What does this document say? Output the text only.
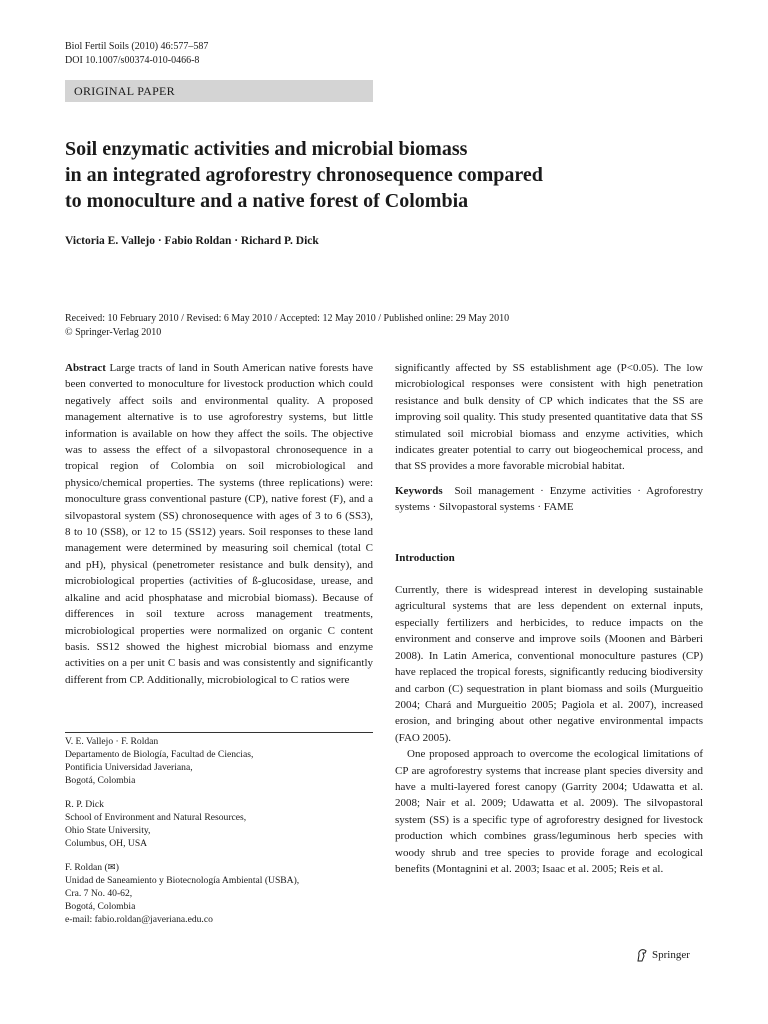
Biol Fertil Soils (2010) 46:577–587
DOI 10.1007/s00374-010-0466-8
ORIGINAL PAPER
Soil enzymatic activities and microbial biomass
in an integrated agroforestry chronosequence compared
to monoculture and a native forest of Colombia
Victoria E. Vallejo · Fabio Roldan · Richard P. Dick
Received: 10 February 2010 / Revised: 6 May 2010 / Accepted: 12 May 2010 / Published online: 29 May 2010
© Springer-Verlag 2010

Abstract Large tracts of land in South American native forests have been converted to monoculture for livestock production which could negatively affect soils and environmental quality. A proposed management alternative is to use agroforestry systems, but little information is available on how they affect the soils. The objective was to assess the effect of a silvopastoral chronosequence in a tropical region of Colombia on soil microbiological and physico/chemical properties. The systems (three replications) were: monoculture grass conventional pasture (CP), native forest (F), and a silvopastoral system (SS) chronosequence with ages of 3 to 6 (SS3), 8 to 10 (SS8), or 12 to 15 (SS12) years. Soil responses to these land management were determined by measuring soil chemical (total C and pH), physical (penetrometer resistance and bulk density), and microbiological properties (activities of ß-glucosidase, urease, and alkaline and acid phosphatase and microbial biomass). Because of differences in soil texture across management treatments, microbiological properties were normalized on organic C content basis. SS12 showed the highest microbial biomass and enzyme activities on a per unit C basis and was consistently and significantly different from CP. Additionally, microbiological to C ratios were

V. E. Vallejo · F. Roldan
Departamento de Biología, Facultad de Ciencias,
Pontificia Universidad Javeriana,
Bogotá, Colombia
R. P. Dick
School of Environment and Natural Resources,
Ohio State University,
Columbus, OH, USA
F. Roldan (✉)
Unidad de Saneamiento y Biotecnología Ambiental (USBA),
Cra. 7 No. 40-62,
Bogotá, Colombia
e-mail: fabio.roldan@javeriana.edu.co

significantly affected by SS establishment age (P<0.05). The low microbiological responses were consistent with high penetration resistance and bulk density of CP which indicates that the SS are improving soil quality. This study presented quantitative data that SS stimulated soil microbial biomass and enzyme activities, which indicates greater potential to carry out biogeochemical process, and that SS provides a more favorable microbial habitat.

Keywords Soil management · Enzyme activities · Agroforestry systems · Silvopastoral systems · FAME

Introduction

Currently, there is widespread interest in developing sustainable agricultural systems that are less dependent on external inputs, especially fertilizers and herbicides, to reduce impacts on the environment and conserve and improve soils (Moonen and Bàrberi 2008). In Latin America, conventional monoculture pastures (CP) have replaced the tropical forests, significantly reducing biodiversity and carbon (C) sequestration in plant biomass and soils (Murgueitio 2004; Chará and Murgueitio 2005; Pagiola et al. 2007), increased erosion, and bringing about other negative environmental impacts (FAO 2005).

One proposed approach to overcome the ecological limitations of CP are agroforestry systems that increase plant species diversity and have a multi-layered forest canopy (Garrity 2004; Udawatta et al. 2008; Nair et al. 2009; Udawatta et al. 2009). The silvopastoral system (SS) is a specific type of agroforestry designed for livestock production which combines grass/leguminous herb species with woody shrub and tree species to provide forage and ecological benefits (Montagnini et al. 2003; Isaac et al. 2005; Reis et al.

Springer
